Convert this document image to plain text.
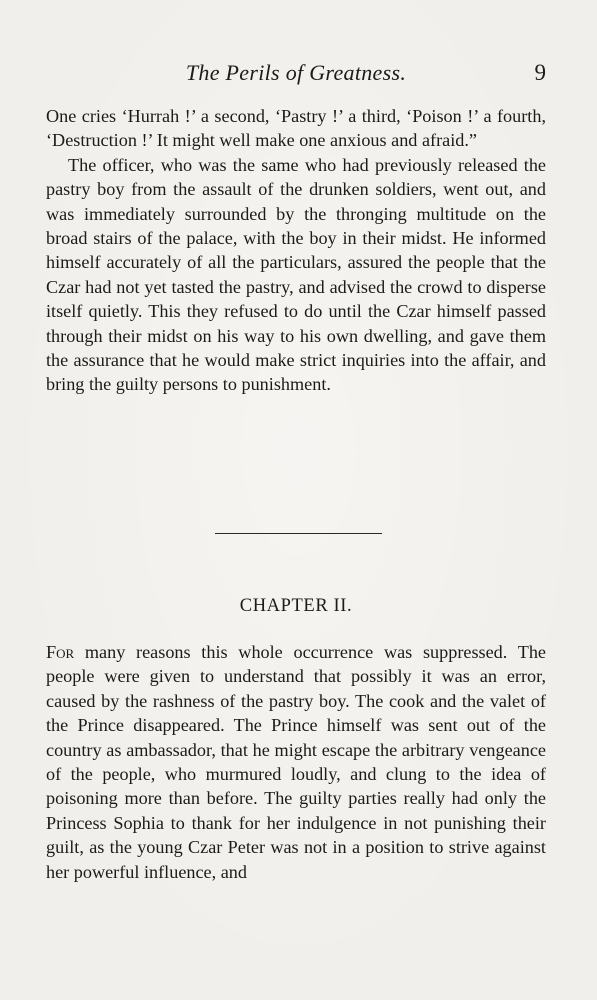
The Perils of Greatness.	9

One cries ‘Hurrah !’ a second, ‘Pastry !’ a third, ‘Poison !’ a fourth, ‘Destruction !’ It might well make one anxious and afraid.”

The officer, who was the same who had previously released the pastry boy from the assault of the drunken soldiers, went out, and was immediately surrounded by the thronging multitude on the broad stairs of the palace, with the boy in their midst. He informed himself accurately of all the particulars, assured the people that the Czar had not yet tasted the pastry, and advised the crowd to disperse itself quietly. This they refused to do until the Czar himself passed through their midst on his way to his own dwelling, and gave them the assurance that he would make strict inquiries into the affair, and bring the guilty persons to punishment.

CHAPTER II.

For many reasons this whole occurrence was suppressed. The people were given to understand that possibly it was an error, caused by the rashness of the pastry boy. The cook and the valet of the Prince disappeared. The Prince himself was sent out of the country as ambassador, that he might escape the arbitrary vengeance of the people, who murmured loudly, and clung to the idea of poisoning more than before. The guilty parties really had only the Princess Sophia to thank for her indulgence in not punishing their guilt, as the young Czar Peter was not in a position to strive against her powerful influence, and
